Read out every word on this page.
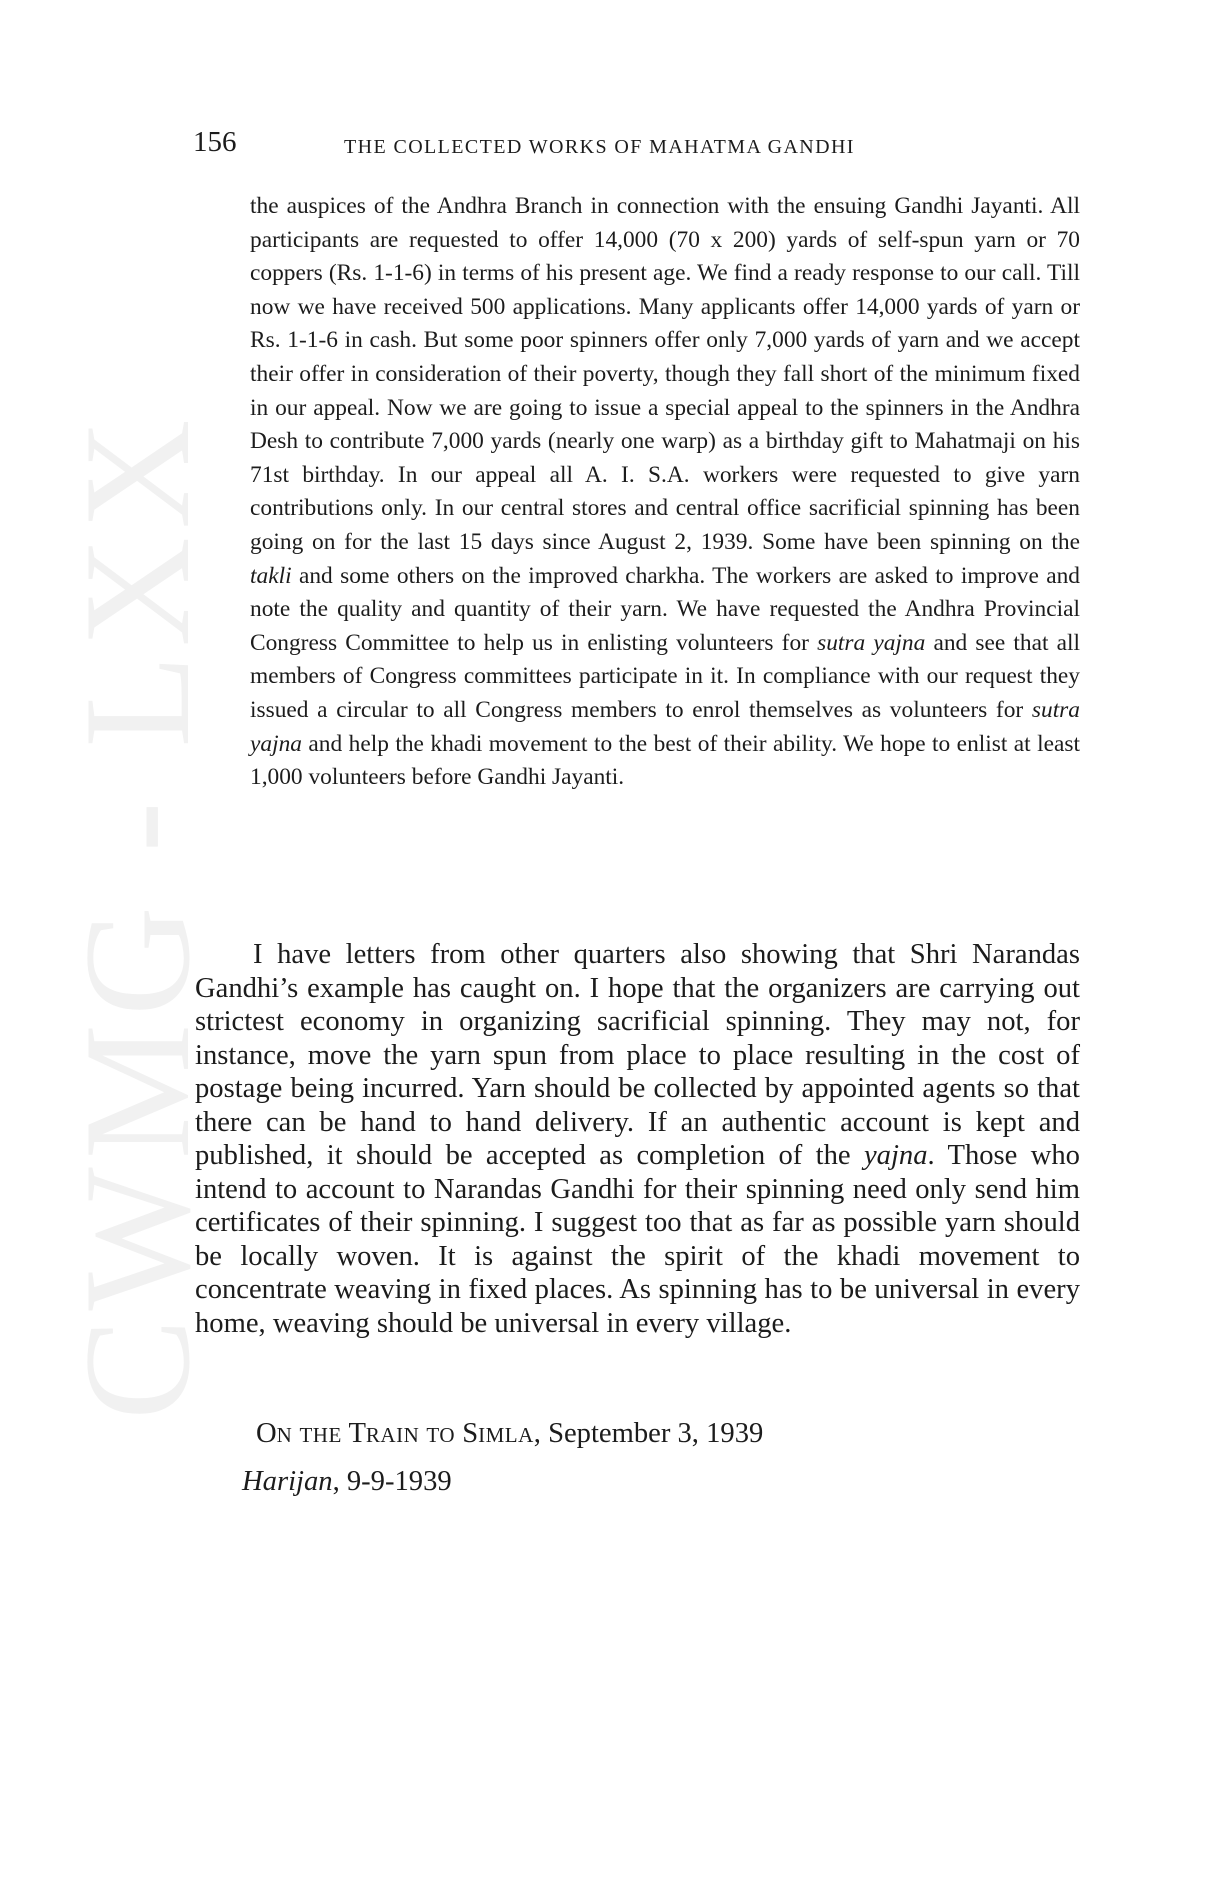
CWMG - LXX
156	THE COLLECTED WORKS OF MAHATMA GANDHI

the auspices of the Andhra Branch in connection with the ensuing Gandhi Jayanti. All participants are requested to offer 14,000 (70 x 200) yards of self-spun yarn or 70 coppers (Rs. 1-1-6) in terms of his present age. We find a ready response to our call. Till now we have received 500 applications. Many applicants offer 14,000 yards of yarn or Rs. 1-1-6 in cash. But some poor spinners offer only 7,000 yards of yarn and we accept their offer in consideration of their poverty, though they fall short of the minimum fixed in our appeal. Now we are going to issue a special appeal to the spinners in the Andhra Desh to contribute 7,000 yards (nearly one warp) as a birthday gift to Mahatmaji on his 71st birthday. In our appeal all A. I. S.A. workers were requested to give yarn contributions only. In our central stores and central office sacrificial spinning has been going on for the last 15 days since August 2, 1939. Some have been spinning on the takli and some others on the improved charkha. The workers are asked to improve and note the quality and quantity of their yarn. We have requested the Andhra Provincial Congress Committee to help us in enlisting volunteers for sutra yajna and see that all members of Congress committees participate in it. In compliance with our request they issued a circular to all Congress members to enrol themselves as volunteers for sutra yajna and help the khadi movement to the best of their ability. We hope to enlist at least 1,000 volunteers before Gandhi Jayanti.

I have letters from other quarters also showing that Shri Narandas Gandhi’s example has caught on. I hope that the organizers are carrying out strictest economy in organizing sacrificial spinning. They may not, for instance, move the yarn spun from place to place resulting in the cost of postage being incurred. Yarn should be collected by appointed agents so that there can be hand to hand delivery. If an authentic account is kept and published, it should be accepted as completion of the yajna. Those who intend to account to Narandas Gandhi for their spinning need only send him certificates of their spinning. I suggest too that as far as possible yarn should be locally woven. It is against the spirit of the khadi movement to concentrate weaving in fixed places. As spinning has to be universal in every home, weaving should be universal in every village.

ON THE TRAIN TO SIMLA, September 3, 1939
Harijan, 9-9-1939
